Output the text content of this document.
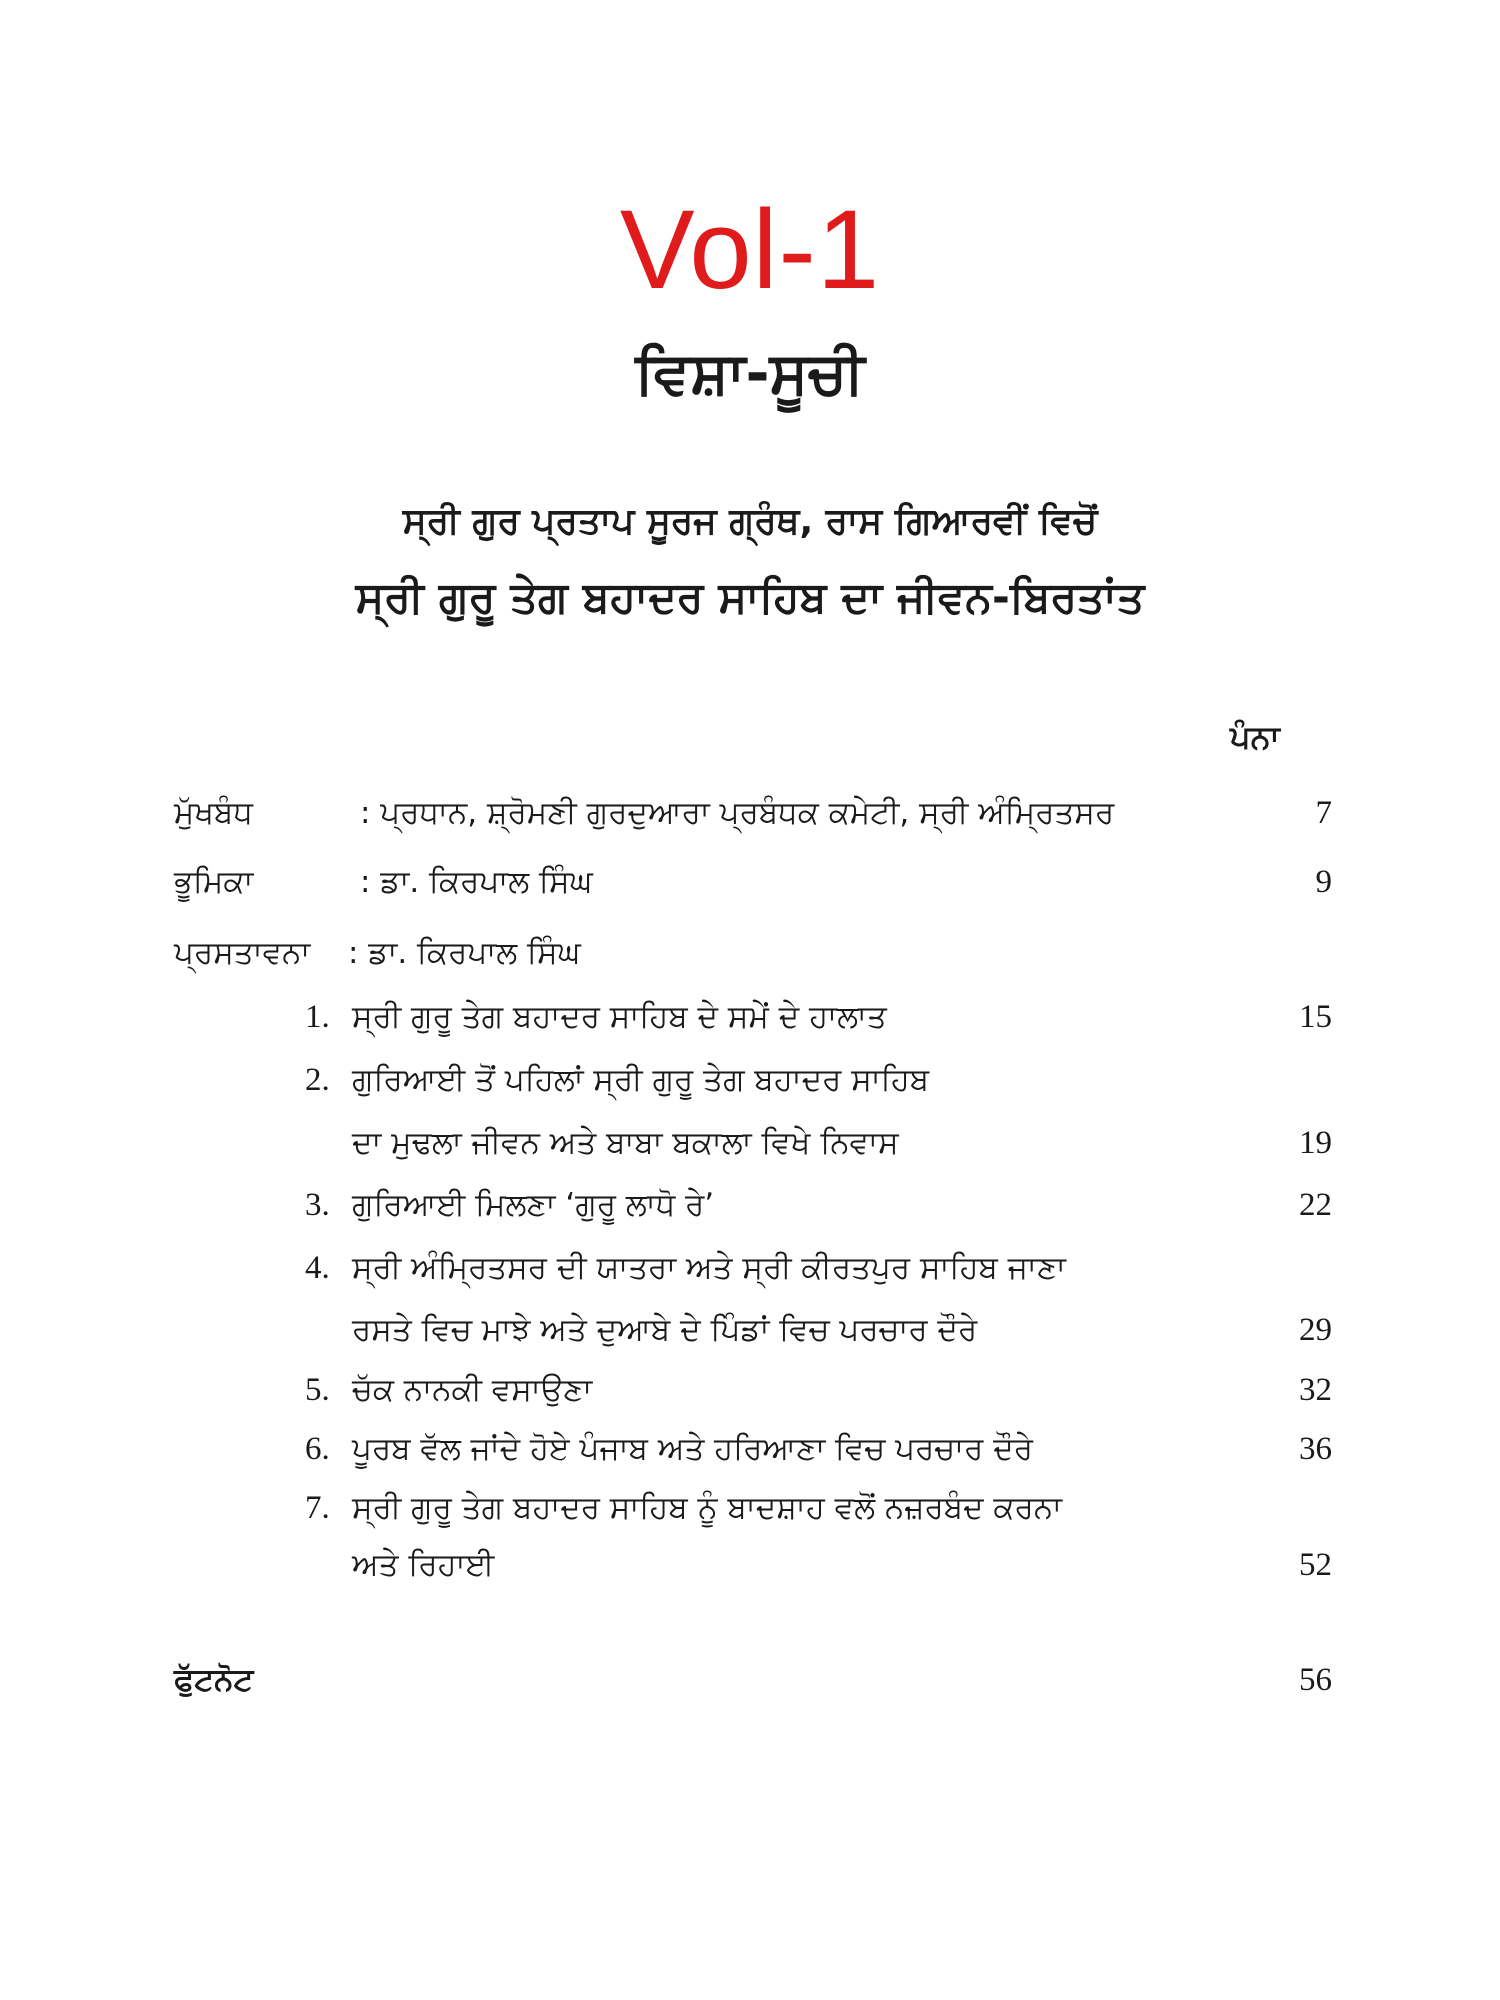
Vol-1
ਵਿਸ਼ਾ-ਸੂਚੀ
ਸ੍ਰੀ ਗੁਰ ਪ੍ਰਤਾਪ ਸੂਰਜ ਗ੍ਰੰਥ, ਰਾਸ ਗਿਆਰਵੀਂ ਵਿਚੋਂ
ਸ੍ਰੀ ਗੁਰੂ ਤੇਗ ਬਹਾਦਰ ਸਾਹਿਬ ਦਾ ਜੀਵਨ-ਬਿਰਤਾਂਤ
ਪੰਨਾ
ਮੁੱਖਬੰਧ	: ਪ੍ਰਧਾਨ, ਸ਼੍ਰੋਮਣੀ ਗੁਰਦੁਆਰਾ ਪ੍ਰਬੰਧਕ ਕਮੇਟੀ, ਸ੍ਰੀ ਅੰਮ੍ਰਿਤਸਰ	7
ਭੂਮਿਕਾ	: ਡਾ. ਕਿਰਪਾਲ ਸਿੰਘ	9
ਪ੍ਰਸਤਾਵਨਾ : ਡਾ. ਕਿਰਪਾਲ ਸਿੰਘ
1. ਸ੍ਰੀ ਗੁਰੂ ਤੇਗ ਬਹਾਦਰ ਸਾਹਿਬ ਦੇ ਸਮੇਂ ਦੇ ਹਾਲਾਤ	15
2. ਗੁਰਿਆਈ ਤੋਂ ਪਹਿਲਾਂ ਸ੍ਰੀ ਗੁਰੂ ਤੇਗ ਬਹਾਦਰ ਸਾਹਿਬ
ਦਾ ਮੁਢਲਾ ਜੀਵਨ ਅਤੇ ਬਾਬਾ ਬਕਾਲਾ ਵਿਖੇ ਨਿਵਾਸ	19
3. ਗੁਰਿਆਈ ਮਿਲਣਾ ‘ਗੁਰੂ ਲਾਧੋ ਰੇ’	22
4. ਸ੍ਰੀ ਅੰਮ੍ਰਿਤਸਰ ਦੀ ਯਾਤਰਾ ਅਤੇ ਸ੍ਰੀ ਕੀਰਤਪੁਰ ਸਾਹਿਬ ਜਾਣਾ
ਰਸਤੇ ਵਿਚ ਮਾਝੇ ਅਤੇ ਦੁਆਬੇ ਦੇ ਪਿੰਡਾਂ ਵਿਚ ਪਰਚਾਰ ਦੌਰੇ	29
5. ਚੱਕ ਨਾਨਕੀ ਵਸਾਉਣਾ	32
6. ਪੂਰਬ ਵੱਲ ਜਾਂਦੇ ਹੋਏ ਪੰਜਾਬ ਅਤੇ ਹਰਿਆਣਾ ਵਿਚ ਪਰਚਾਰ ਦੌਰੇ	36
7. ਸ੍ਰੀ ਗੁਰੂ ਤੇਗ ਬਹਾਦਰ ਸਾਹਿਬ ਨੂੰ ਬਾਦਸ਼ਾਹ ਵਲੋਂ ਨਜ਼ਰਬੰਦ ਕਰਨਾ
ਅਤੇ ਰਿਹਾਈ	52
ਫੁੱਟਨੋਟ	56
